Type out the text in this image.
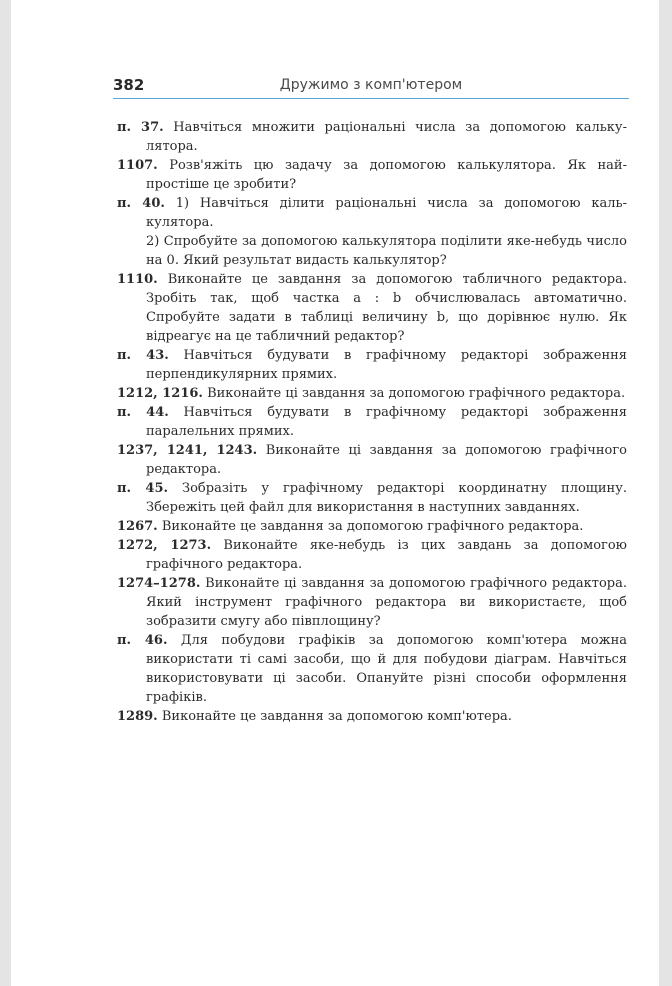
382	Дружимо з комп'ютером

п. 37. Навчіться множити раціональні числа за допомогою калькулятора.

1107. Розв'яжіть цю задачу за допомогою калькулятора. Як найпростіше це зробити?

п. 40. 1) Навчіться ділити раціональні числа за допомогою калькулятора.

2) Спробуйте за допомогою калькулятора поділити яке-небудь число на 0. Який результат видасть калькулятор?

1110. Виконайте це завдання за допомогою табличного редактора. Зробіть так, щоб частка a : b обчислювалась автоматично. Спробуйте задати в таблиці величину b, що дорівнює нулю. Як відреагує на це табличний редактор?

п. 43. Навчіться будувати в графічному редакторі зображення перпендикулярних прямих.

1212, 1216. Виконайте ці завдання за допомогою графічного редактора.

п. 44. Навчіться будувати в графічному редакторі зображення паралельних прямих.

1237, 1241, 1243. Виконайте ці завдання за допомогою графічного редактора.

п. 45. Зобразіть у графічному редакторі координатну площину. Збережіть цей файл для використання в наступних завданнях.

1267. Виконайте це завдання за допомогою графічного редактора.

1272, 1273. Виконайте яке-небудь із цих завдань за допомогою графічного редактора.

1274–1278. Виконайте ці завдання за допомогою графічного редактора. Який інструмент графічного редактора ви використаєте, щоб зобразити смугу або півплощину?

п. 46. Для побудови графіків за допомогою комп'ютера можна використати ті самі засоби, що й для побудови діаграм. Навчіться використовувати ці засоби. Опануйте різні способи оформлення графіків.

1289. Виконайте це завдання за допомогою комп'ютера.
